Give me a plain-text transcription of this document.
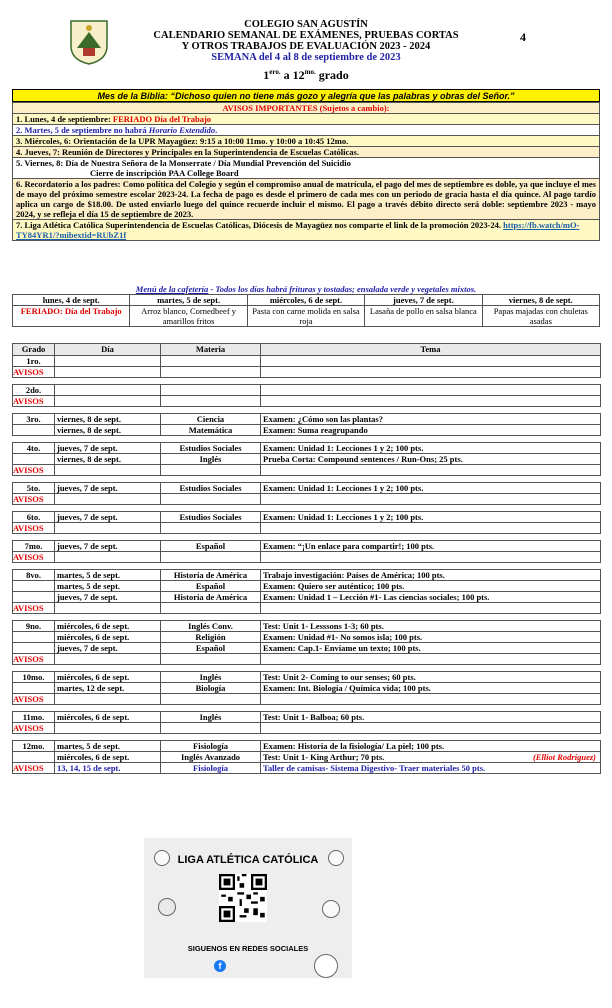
COLEGIO SAN AGUSTÍN
CALENDARIO SEMANAL DE EXÁMENES, PRUEBAS CORTAS
Y OTROS TRABAJOS DE EVALUACIÓN 2023 - 2024
SEMANA del 4 al 8 de septiembre de 2023
$1^{ero.}$ a $12^{mo.}$ grado
4
Mes de la Biblia: “Dichoso quien no tiene más gozo y alegría que las palabras y obras del Señor.”
AVISOS IMPORTANTES (Sujetos a cambio):
1. Lunes, 4 de septiembre: FERIADO Día del Trabajo
2. Martes, 5 de septiembre no habrá Horario Extendido.
3. Miércoles, 6: Orientación de la UPR Mayagüez: 9:15 a 10:00 11mo. y 10:00 a 10:45 12mo.
4. Jueves, 7: Reunión de Directores y Principales en la Superintendencia de Escuelas Católicas.

5. Viernes, 8: Día de Nuestra Señora de la Monserrate / Día Mundial Prevención del Suicidio
Cierre de inscripción PAA College Board

6. Recordatorio a los padres: Como política del Colegio y según el compromiso anual de matrícula, el pago del mes de septiembre es doble, ya que incluye el mes de mayo del próximo semestre escolar 2023-24. La fecha de pago es desde el primero de cada mes con un periodo de gracia hasta el día quince. Al pago tardío aplica un cargo de $18.00. De usted enviarlo luego del quince recuerde incluir el mismo. El pago a través débito directo será doble: septiembre 2023 - mayo 2024, y se refleja el día 15 de septiembre de 2023.
7. Liga Atlética Católica Superintendencia de Escuelas Católicas, Diócesis de Mayagüez nos comparte el link de la promoción 2023-24. https://fb.watch/mO-TY84YR1/?mibextid=RUbZ1f
Menú de la cafetería - Todos los días habrá frituras y tostadas; ensalada verde y vegetales mixtos.				
lunes, 4 de sept.	martes, 5 de sept.	miércoles, 6 de sept.	jueves, 7 de sept.	viernes, 8 de sept.
FERIADO: Día del Trabajo	Arroz blanco, Cornedbeef y amarillos fritos	Pasta con carne molida en salsa roja	Lasaña de pollo en salsa blanca	Papas majadas con chuletas asadas
Grado	Día	Materia	Tema
1ro.			
AVISOS			

2do.			
AVISOS			

3ro.	viernes, 8 de sept.	Ciencia	Examen: ¿Cómo son las plantas?
	viernes, 8 de sept.	Matemática	Examen: Suma reagrupando

4to.	jueves, 7 de sept.	Estudios Sociales	Examen: Unidad 1: Lecciones 1 y 2; 100 pts.
	viernes, 8 de sept.	Inglés	Prueba Corta: Compound sentences / Run-Ons; 25 pts.
AVISOS			

5to.	jueves, 7 de sept.	Estudios Sociales	Examen: Unidad 1: Lecciones 1 y 2; 100 pts.
AVISOS			

6to.	jueves, 7 de sept.	Estudios Sociales	Examen: Unidad 1: Lecciones 1 y 2; 100 pts.
AVISOS			

7mo.	jueves, 7 de sept.	Español	Examen: “¡Un enlace para compartir!; 100 pts.
AVISOS			

8vo.	martes, 5 de sept.	Historia de América	Trabajo investigación: Países de América; 100 pts.
	martes, 5 de sept.	Español	Examen: Quiero ser auténtico; 100 pts.
	jueves, 7 de sept.	Historia de América	Examen: Unidad 1 – Lección #1- Las ciencias sociales; 100 pts.
AVISOS			

9no.	miércoles, 6 de sept.	Inglés Conv.	Test: Unit 1- Lesssons 1-3; 60 pts.
	miércoles, 6 de sept.	Religión	Examen: Unidad #1- No somos isla; 100 pts.
	jueves, 7 de sept.	Español	Examen: Cap.1- Envíame un texto; 100 pts.
AVISOS			

10mo.	miércoles, 6 de sept.	Inglés	Test: Unit 2- Coming to our senses; 60 pts.
	martes, 12 de sept.	Biología	Examen: Int. Biología / Química vida; 100 pts.
AVISOS			

11mo.	miércoles, 6 de sept.	Inglés	Test: Unit 1- Balboa; 60 pts.
AVISOS			

12mo.	martes, 5 de sept.	Fisiología	Examen: Historia de la fisiología/ La piel; 100 pts.
	miércoles, 6 de sept.	Inglés Avanzado	Test: Unit 1- King Arthur; 70 pts. (Elliot Rodríguez)

AVISOS	13, 14, 15 de sept.	Fisiología	Taller de camisas- Sistema Digestivo- Traer materiales 50 pts.
LIGA ATLÉTICA CATÓLICA
SIGUENOS EN REDES SOCIALES
f
